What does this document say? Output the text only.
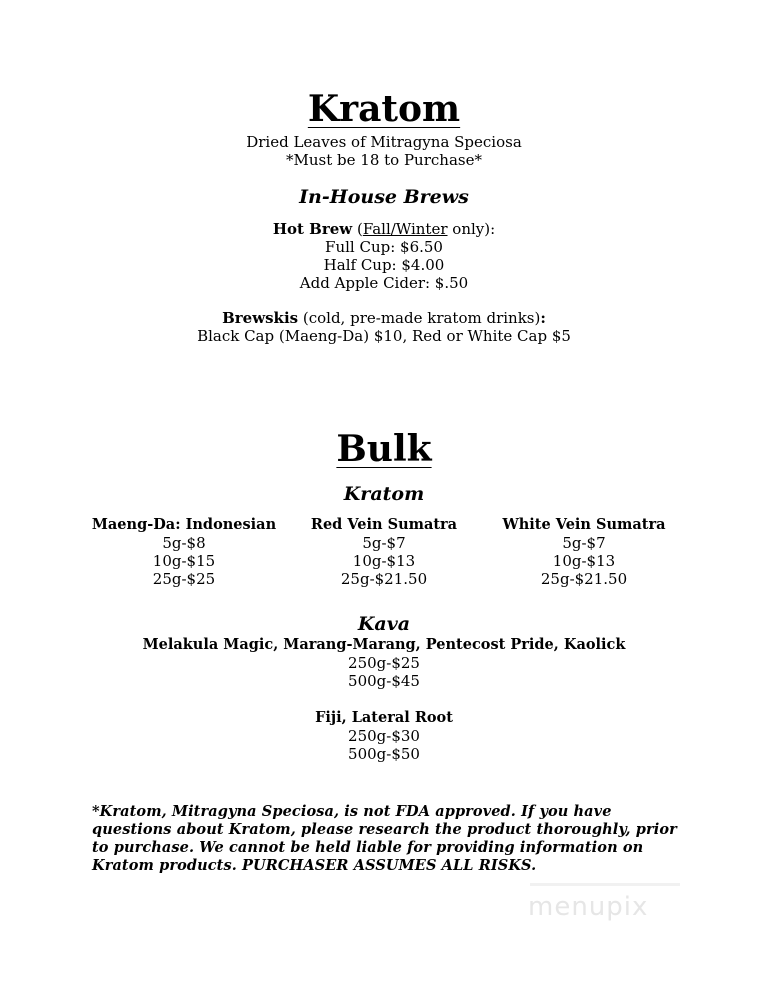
Kratom
Dried Leaves of Mitragyna Speciosa
*Must be 18 to Purchase*
In-House Brews
Hot Brew (Fall/Winter only):
Full Cup: $6.50
Half Cup: $4.00
Add Apple Cider: $.50
Brewskis (cold, pre-made kratom drinks):
Black Cap (Maeng-Da) $10, Red or White Cap $5
Bulk
Kratom
Maeng-Da: Indonesian
5g-$8
10g-$15
25g-$25
Red Vein Sumatra
5g-$7
10g-$13
25g-$21.50
White Vein Sumatra
5g-$7
10g-$13
25g-$21.50
Kava
Melakula Magic, Marang-Marang, Pentecost Pride, Kaolick
250g-$25
500g-$45
Fiji, Lateral Root
250g-$30
500g-$50
*Kratom, Mitragyna Speciosa, is not FDA approved. If you have questions about Kratom, please research the product thoroughly, prior to purchase. We cannot be held liable for providing information on Kratom products. PURCHASER ASSUMES ALL RISKS.
menupix
